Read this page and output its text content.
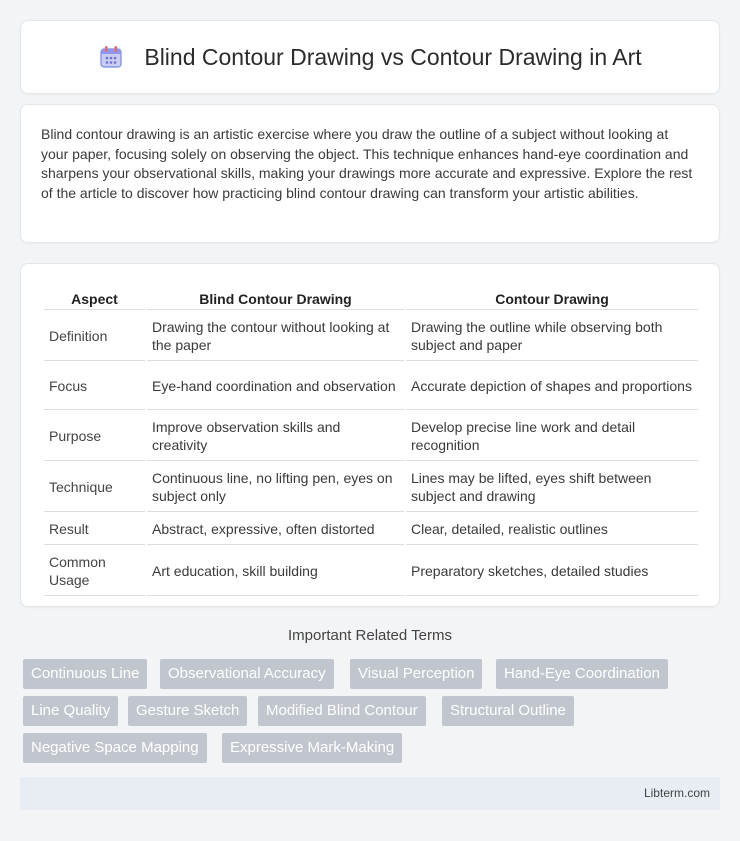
Blind Contour Drawing vs Contour Drawing in Art

Blind contour drawing is an artistic exercise where you draw the outline of a subject without looking at your paper, focusing solely on observing the object. This technique enhances hand-eye coordination and sharpens your observational skills, making your drawings more accurate and expressive. Explore the rest of the article to discover how practicing blind contour drawing can transform your artistic abilities.

Aspect	Blind Contour Drawing	Contour Drawing
Definition	Drawing the contour without looking at the paper	Drawing the outline while observing both subject and paper
Focus	Eye-hand coordination and observation	Accurate depiction of shapes and proportions
Purpose	Improve observation skills and creativity	Develop precise line work and detail recognition
Technique	Continuous line, no lifting pen, eyes on subject only	Lines may be lifted, eyes shift between subject and drawing
Result	Abstract, expressive, often distorted	Clear, detailed, realistic outlines
Common Usage	Art education, skill building	Preparatory sketches, detailed studies
Important Related Terms
Continuous Line	Observational Accuracy	Visual Perception	Hand-Eye Coordination
Line Quality	Gesture Sketch	Modified Blind Contour	Structural Outline
Negative Space Mapping	Expressive Mark-Making
Libterm.com
